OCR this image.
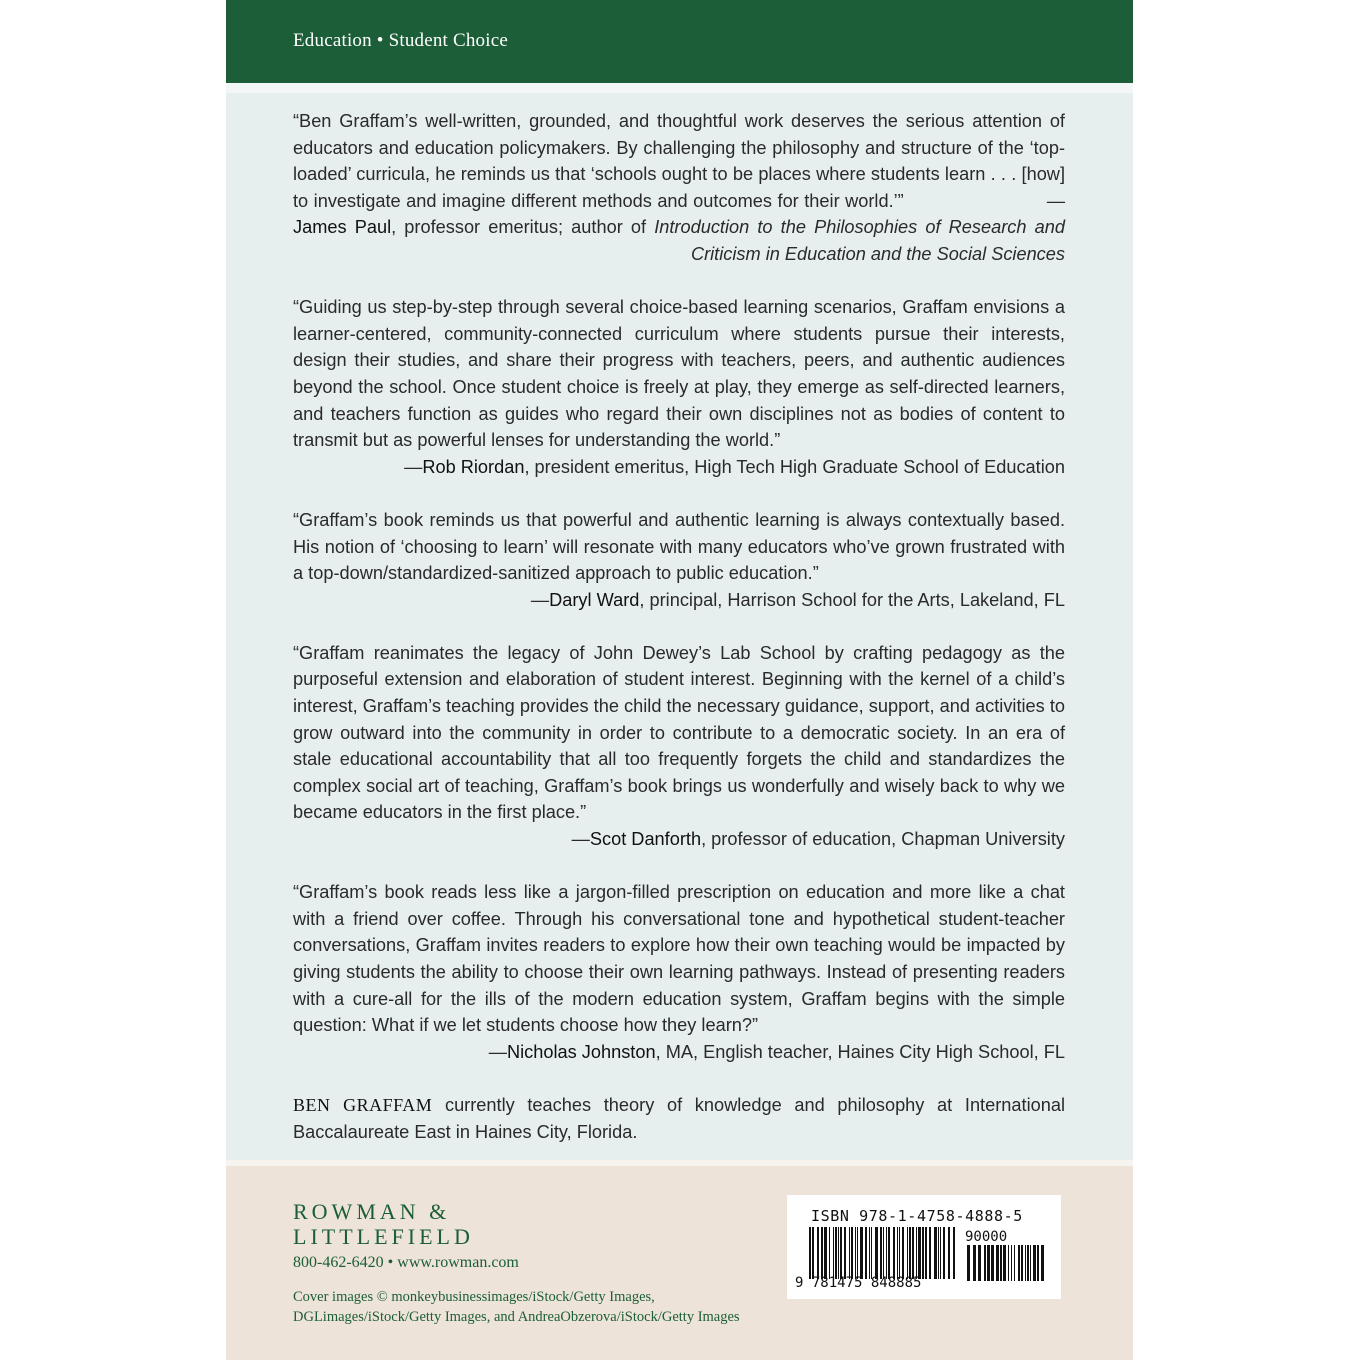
Education • Student Choice
“Ben Graffam’s well-written, grounded, and thoughtful work deserves the serious attention of educators and education policymakers. By challenging the philosophy and structure of the ‘top-loaded’ curricula, he reminds us that ‘schools ought to be places where students learn . . . [how] to investigate and imagine different methods and outcomes for their world.’”	—James Paul, professor emeritus; author of Introduction to the Philosophies of Research and Criticism in Education and the Social Sciences
“Guiding us step-by-step through several choice-based learning scenarios, Graffam envisions a learner-centered, community-connected curriculum where students pursue their interests, design their studies, and share their progress with teachers, peers, and authentic audiences beyond the school. Once student choice is freely at play, they emerge as self-directed learners, and teachers function as guides who regard their own disciplines not as bodies of content to transmit but as powerful lenses for understanding the world.”
—Rob Riordan, president emeritus, High Tech High Graduate School of Education
“Graffam’s book reminds us that powerful and authentic learning is always contextually based. His notion of ‘choosing to learn’ will resonate with many educators who’ve grown frustrated with a top-down/standardized-sanitized approach to public education.”
—Daryl Ward, principal, Harrison School for the Arts, Lakeland, FL
“Graffam reanimates the legacy of John Dewey’s Lab School by crafting pedagogy as the purposeful extension and elaboration of student interest. Beginning with the kernel of a child’s interest, Graffam’s teaching provides the child the necessary guidance, support, and activities to grow outward into the community in order to contribute to a democratic society. In an era of stale educational accountability that all too frequently forgets the child and standardizes the complex social art of teaching, Graffam’s book brings us wonderfully and wisely back to why we became educators in the first place.”
—Scot Danforth, professor of education, Chapman University
“Graffam’s book reads less like a jargon-filled prescription on education and more like a chat with a friend over coffee. Through his conversational tone and hypothetical student-teacher conversations, Graffam invites readers to explore how their own teaching would be impacted by giving students the ability to choose their own learning pathways. Instead of presenting readers with a cure-all for the ills of the modern education system, Graffam begins with the simple question: What if we let students choose how they learn?”
—Nicholas Johnston, MA, English teacher, Haines City High School, FL
BEN GRAFFAM currently teaches theory of knowledge and philosophy at International Baccalaureate East in Haines City, Florida.
ROWMAN &
LITTLEFIELD
800-462-6420 • www.rowman.com
Cover images © monkeybusinessimages/iStock/Getty Images,
DGLimages/iStock/Getty Images, and AndreaObzerova/iStock/Getty Images
ISBN 978-1-4758-4888-5
90000
9 781475 848885
